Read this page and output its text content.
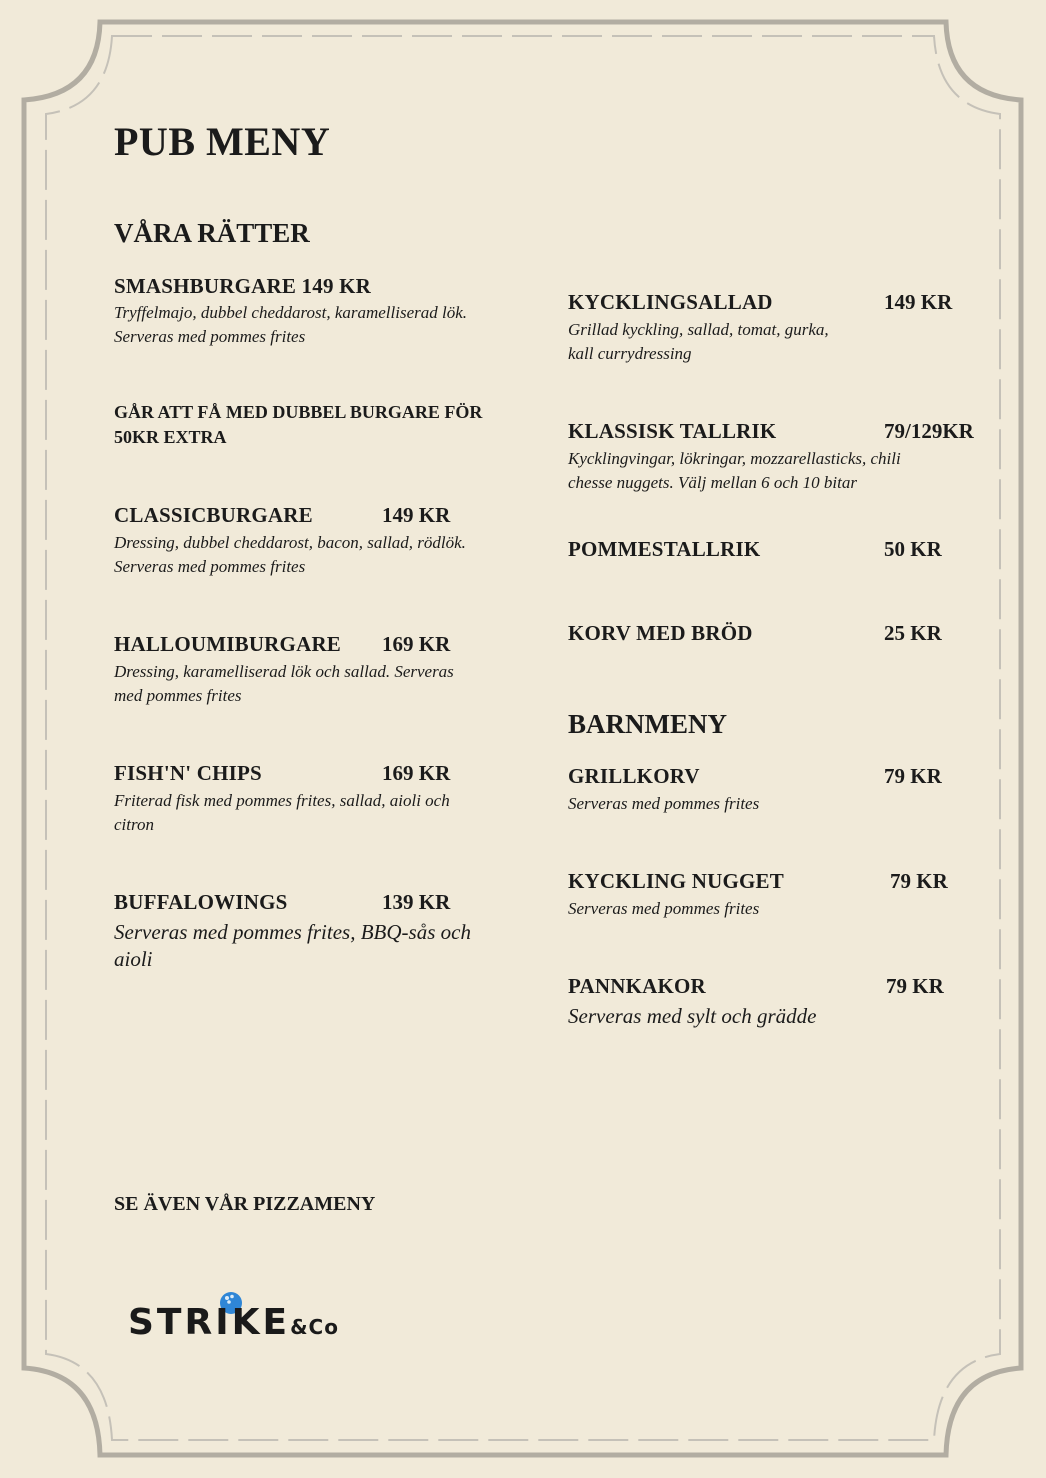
PUB MENY
VÅRA RÄTTER
SMASHBURGARE 149 KR
Tryffelmajo, dubbel cheddarost, karamelliserad lök. Serveras med pommes frites
GÅR ATT FÅ MED DUBBEL BURGARE FÖR 50KR EXTRA
CLASSICBURGARE	149 KR
Dressing, dubbel cheddarost, bacon, sallad, rödlök. Serveras med pommes frites
HALLOUMIBURGARE	169 KR
Dressing, karamelliserad lök och sallad. Serveras med pommes frites
FISH'N' CHIPS	169 KR
Friterad fisk med pommes frites, sallad, aioli och citron
BUFFALOWINGS	139 KR
Serveras med pommes frites, BBQ-sås och aioli
KYCKLINGSALLAD	149 KR
Grillad kyckling, sallad, tomat, gurka, kall currydressing
KLASSISK TALLRIK	79/129KR
Kycklingvingar, lökringar, mozzarellasticks, chili chesse nuggets. Välj mellan 6 och 10 bitar
POMMESTALLRIK	50 KR
KORV MED BRÖD	25 KR
BARNMENY
GRILLKORV	79 KR
Serveras med pommes frites
KYCKLING NUGGET	79 KR
Serveras med pommes frites
PANNKAKOR	79 KR
Serveras med sylt och grädde
SE ÄVEN VÅR PIZZAMENY
STRIKE&Co
